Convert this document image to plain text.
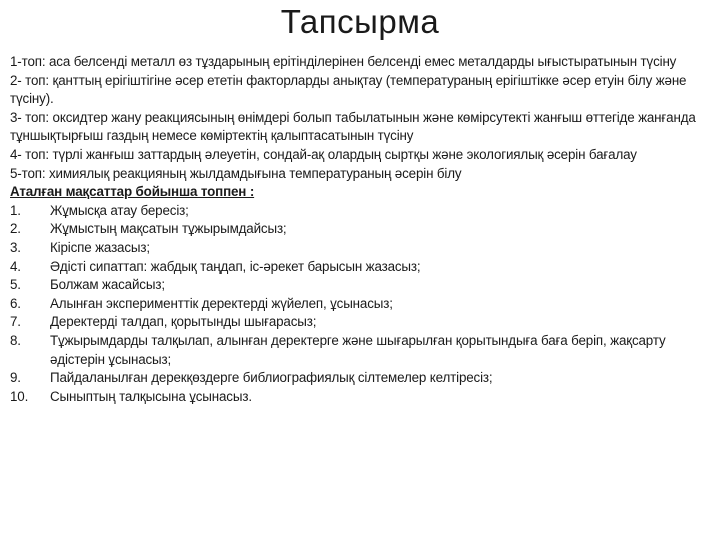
Тапсырма

1-топ: аса белсенді металл өз тұздарының ерітінділерінен белсенді емес металдарды ығыстыратынын түсіну

2- топ: қанттың ерігіштігіне әсер ететін факторларды анықтау (температураның ерігіштікке әсер етуін білу және түсіну).

3- топ: оксидтер жану реакциясының өнімдері болып табылатынын және көмірсутекті жанғыш өттегіде жанғанда тұншықтырғыш газдың немесе көміртектің қалыптасатынын түсіну

4- топ: түрлі жанғыш заттардың әлеуетін, сондай-ақ олардың сыртқы және экологиялық әсерін бағалау

5-топ: химиялық реакцияның жылдамдығына температураның әсерін білу

Аталған мақсаттар бойынша топпен :

1.	Жұмысқа атау бересіз;
2.	Жұмыстың мақсатын тұжырымдайсыз;
3.	Кіріспе жазасыз;
4.	Әдісті сипаттап: жабдық таңдап, іс-әрекет барысын жазасыз;
5.	Болжам жасайсыз;
6.	Алынған эксперименттік деректерді жүйелеп, ұсынасыз;
7.	Деректерді талдап, қорытынды шығарасыз;
8.	Тұжырымдарды талқылап, алынған деректерге және шығарылған қорытындыға баға беріп, жақсарту әдістерін ұсынасыз;
9.	Пайдаланылған дерекқөздерге библиографиялық сілтемелер келтіресіз;
10.	Сыныптың талқысына ұсынасыз.
